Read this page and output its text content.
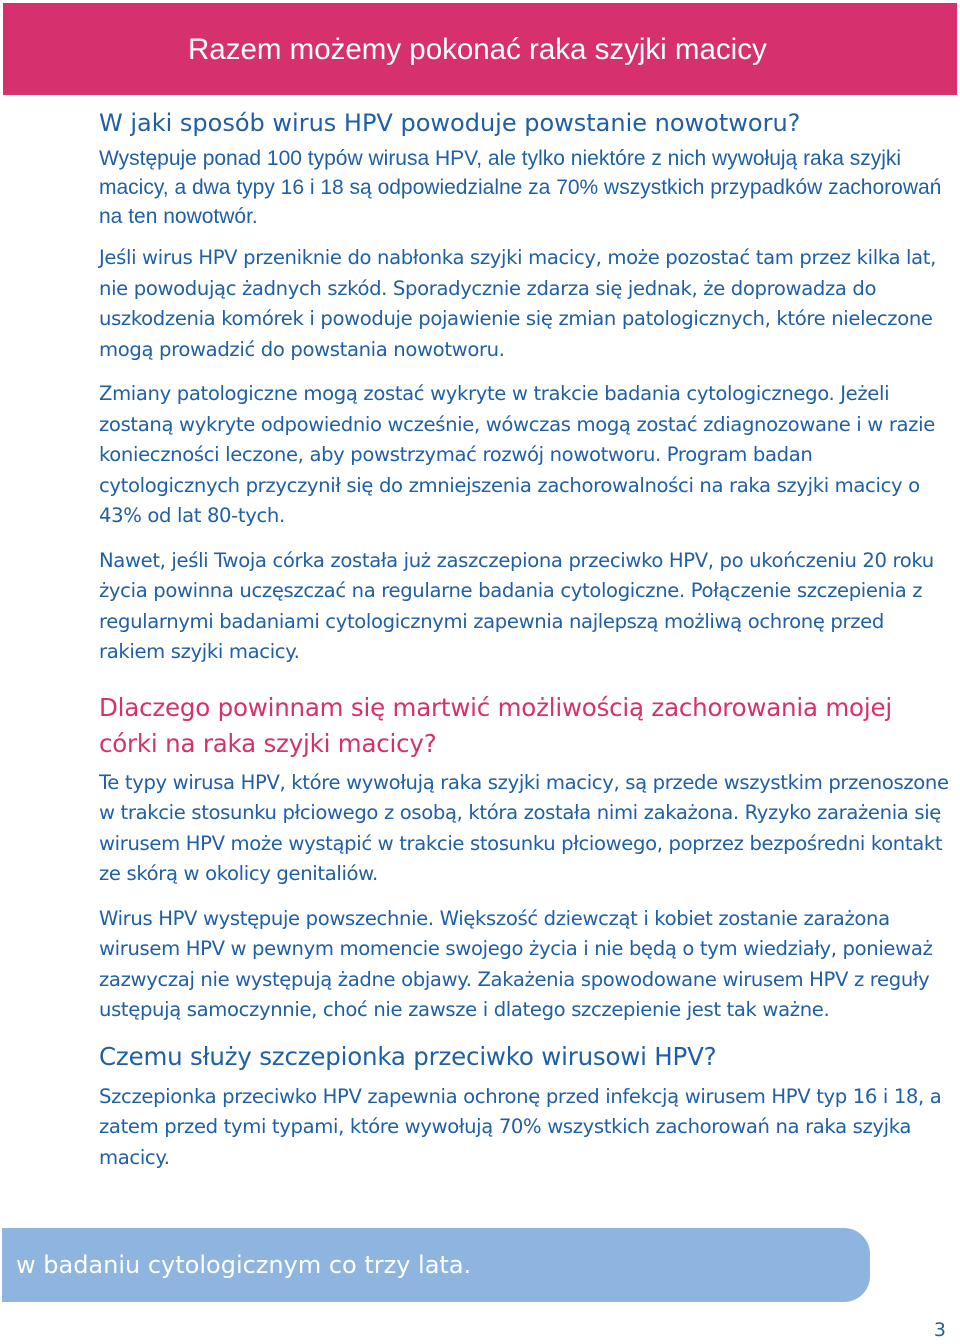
Razem możemy pokonać raka szyjki macicy
W jaki sposób wirus HPV powoduje powstanie nowotworu?

Występuje ponad 100 typów wirusa HPV, ale tylko niektóre z nich wywołują raka szyjki macicy, a dwa typy 16 i 18 są odpowiedzialne za 70% wszystkich przypadków zachorowań na ten nowotwór.

Jeśli wirus HPV przeniknie do nabłonka szyjki macicy, może pozostać tam przez kilka lat, nie powodując żadnych szkód. Sporadycznie zdarza się jednak, że doprowadza do uszkodzenia komórek i powoduje pojawienie się zmian patologicznych, które nieleczone mogą prowadzić do powstania nowotworu.

Zmiany patologiczne mogą zostać wykryte w trakcie badania cytologicznego. Jeżeli zostaną wykryte odpowiednio wcześnie, wówczas mogą zostać zdiagnozowane i w razie konieczności leczone, aby powstrzymać rozwój nowotworu. Program badan cytologicznych przyczynił się do zmniejszenia zachorowalności na raka szyjki macicy o 43% od lat 80-tych.

Nawet, jeśli Twoja córka została już zaszczepiona przeciwko HPV, po ukończeniu 20 roku życia powinna uczęszczać na regularne badania cytologiczne. Połączenie szczepienia z regularnymi badaniami cytologicznymi zapewnia najlepszą możliwą ochronę przed rakiem szyjki macicy.

Dlaczego powinnam się martwić możliwością zachorowania mojej córki na raka szyjki macicy?

Te typy wirusa HPV, które wywołują raka szyjki macicy, są przede wszystkim przenoszone w trakcie stosunku płciowego z osobą, która została nimi zakażona. Ryzyko zarażenia się wirusem HPV może wystąpić w trakcie stosunku płciowego, poprzez bezpośredni kontakt ze skórą w okolicy genitaliów.

Wirus HPV występuje powszechnie. Większość dziewcząt i kobiet zostanie zarażona wirusem HPV w pewnym momencie swojego życia i nie będą o tym wiedziały, ponieważ zazwyczaj nie występują żadne objawy. Zakażenia spowodowane wirusem HPV z reguły ustępują samoczynnie, choć nie zawsze i dlatego szczepienie jest tak ważne.

Czemu służy szczepionka przeciwko wirusowi HPV?

Szczepionka przeciwko HPV zapewnia ochronę przed infekcją wirusem HPV typ 16 i 18, a zatem przed tymi typami, które wywołują 70% wszystkich zachorowań na raka szyjka macicy.

w badaniu cytologicznym co trzy lata.
3
